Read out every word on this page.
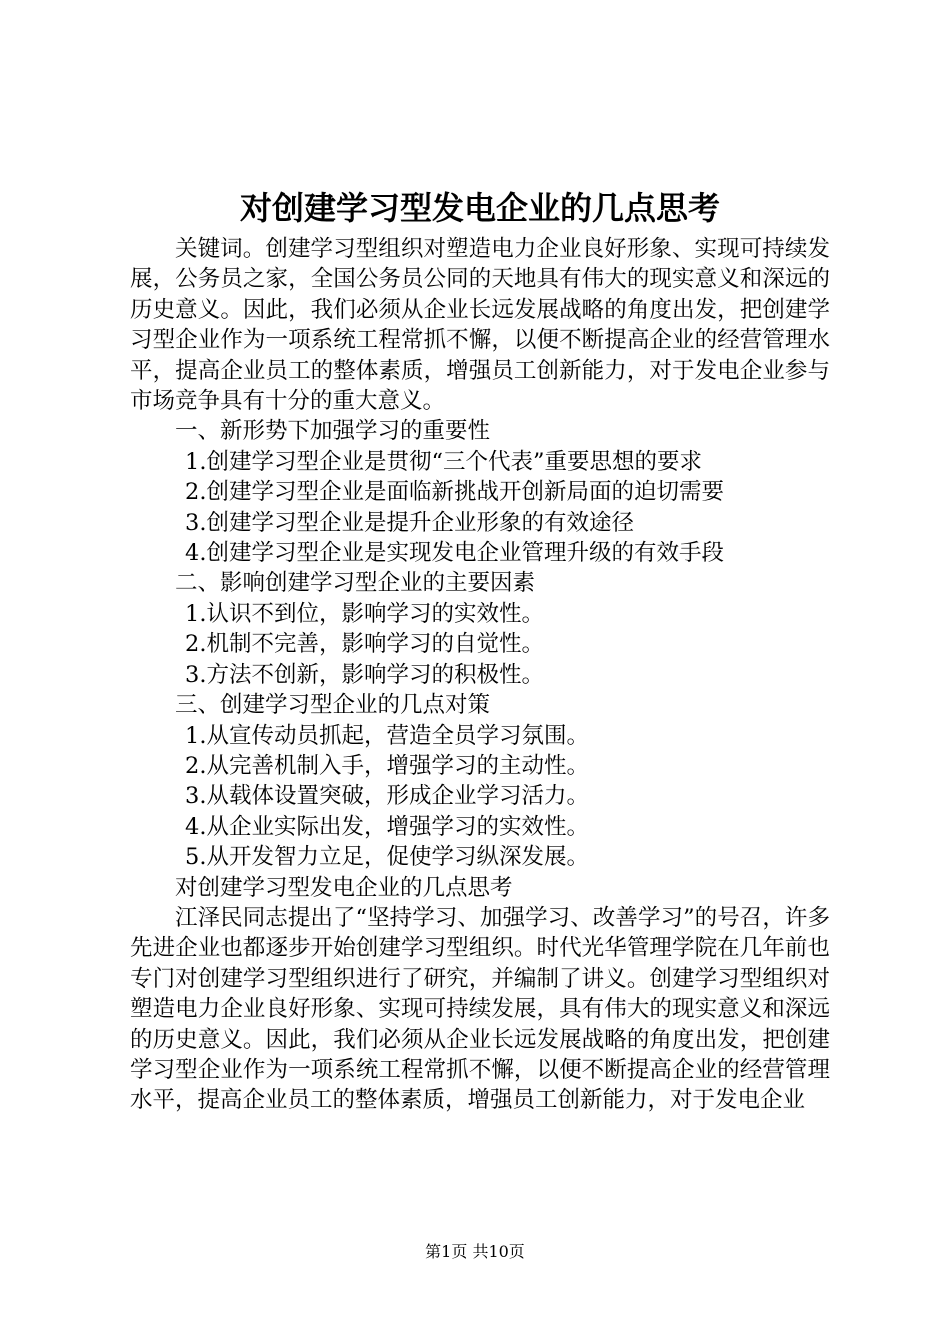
对创建学习型发电企业的几点思考

关键词。创建学习型组织对塑造电力企业良好形象、实现可持续发展，公务员之家，全国公务员公同的天地具有伟大的现实意义和深远的历史意义。因此，我们必须从企业长远发展战略的角度出发，把创建学习型企业作为一项系统工程常抓不懈，以便不断提高企业的经营管理水平，提高企业员工的整体素质，增强员工创新能力，对于发电企业参与市场竞争具有十分的重大意义。

一、新形势下加强学习的重要性

1.创建学习型企业是贯彻“三个代表”重要思想的要求

2.创建学习型企业是面临新挑战开创新局面的迫切需要

3.创建学习型企业是提升企业形象的有效途径

4.创建学习型企业是实现发电企业管理升级的有效手段

二、影响创建学习型企业的主要因素

1.认识不到位，影响学习的实效性。

2.机制不完善，影响学习的自觉性。

3.方法不创新，影响学习的积极性。

三、创建学习型企业的几点对策

1.从宣传动员抓起，营造全员学习氛围。

2.从完善机制入手，增强学习的主动性。

3.从载体设置突破，形成企业学习活力。

4.从企业实际出发，增强学习的实效性。

5.从开发智力立足，促使学习纵深发展。

对创建学习型发电企业的几点思考

江泽民同志提出了“坚持学习、加强学习、改善学习”的号召，许多先进企业也都逐步开始创建学习型组织。时代光华管理学院在几年前也专门对创建学习型组织进行了研究，并编制了讲义。创建学习型组织对塑造电力企业良好形象、实现可持续发展，具有伟大的现实意义和深远的历史意义。因此，我们必须从企业长远发展战略的角度出发，把创建学习型企业作为一项系统工程常抓不懈，以便不断提高企业的经营管理水平，提高企业员工的整体素质，增强员工创新能力，对于发电企业

第1页 共10页
